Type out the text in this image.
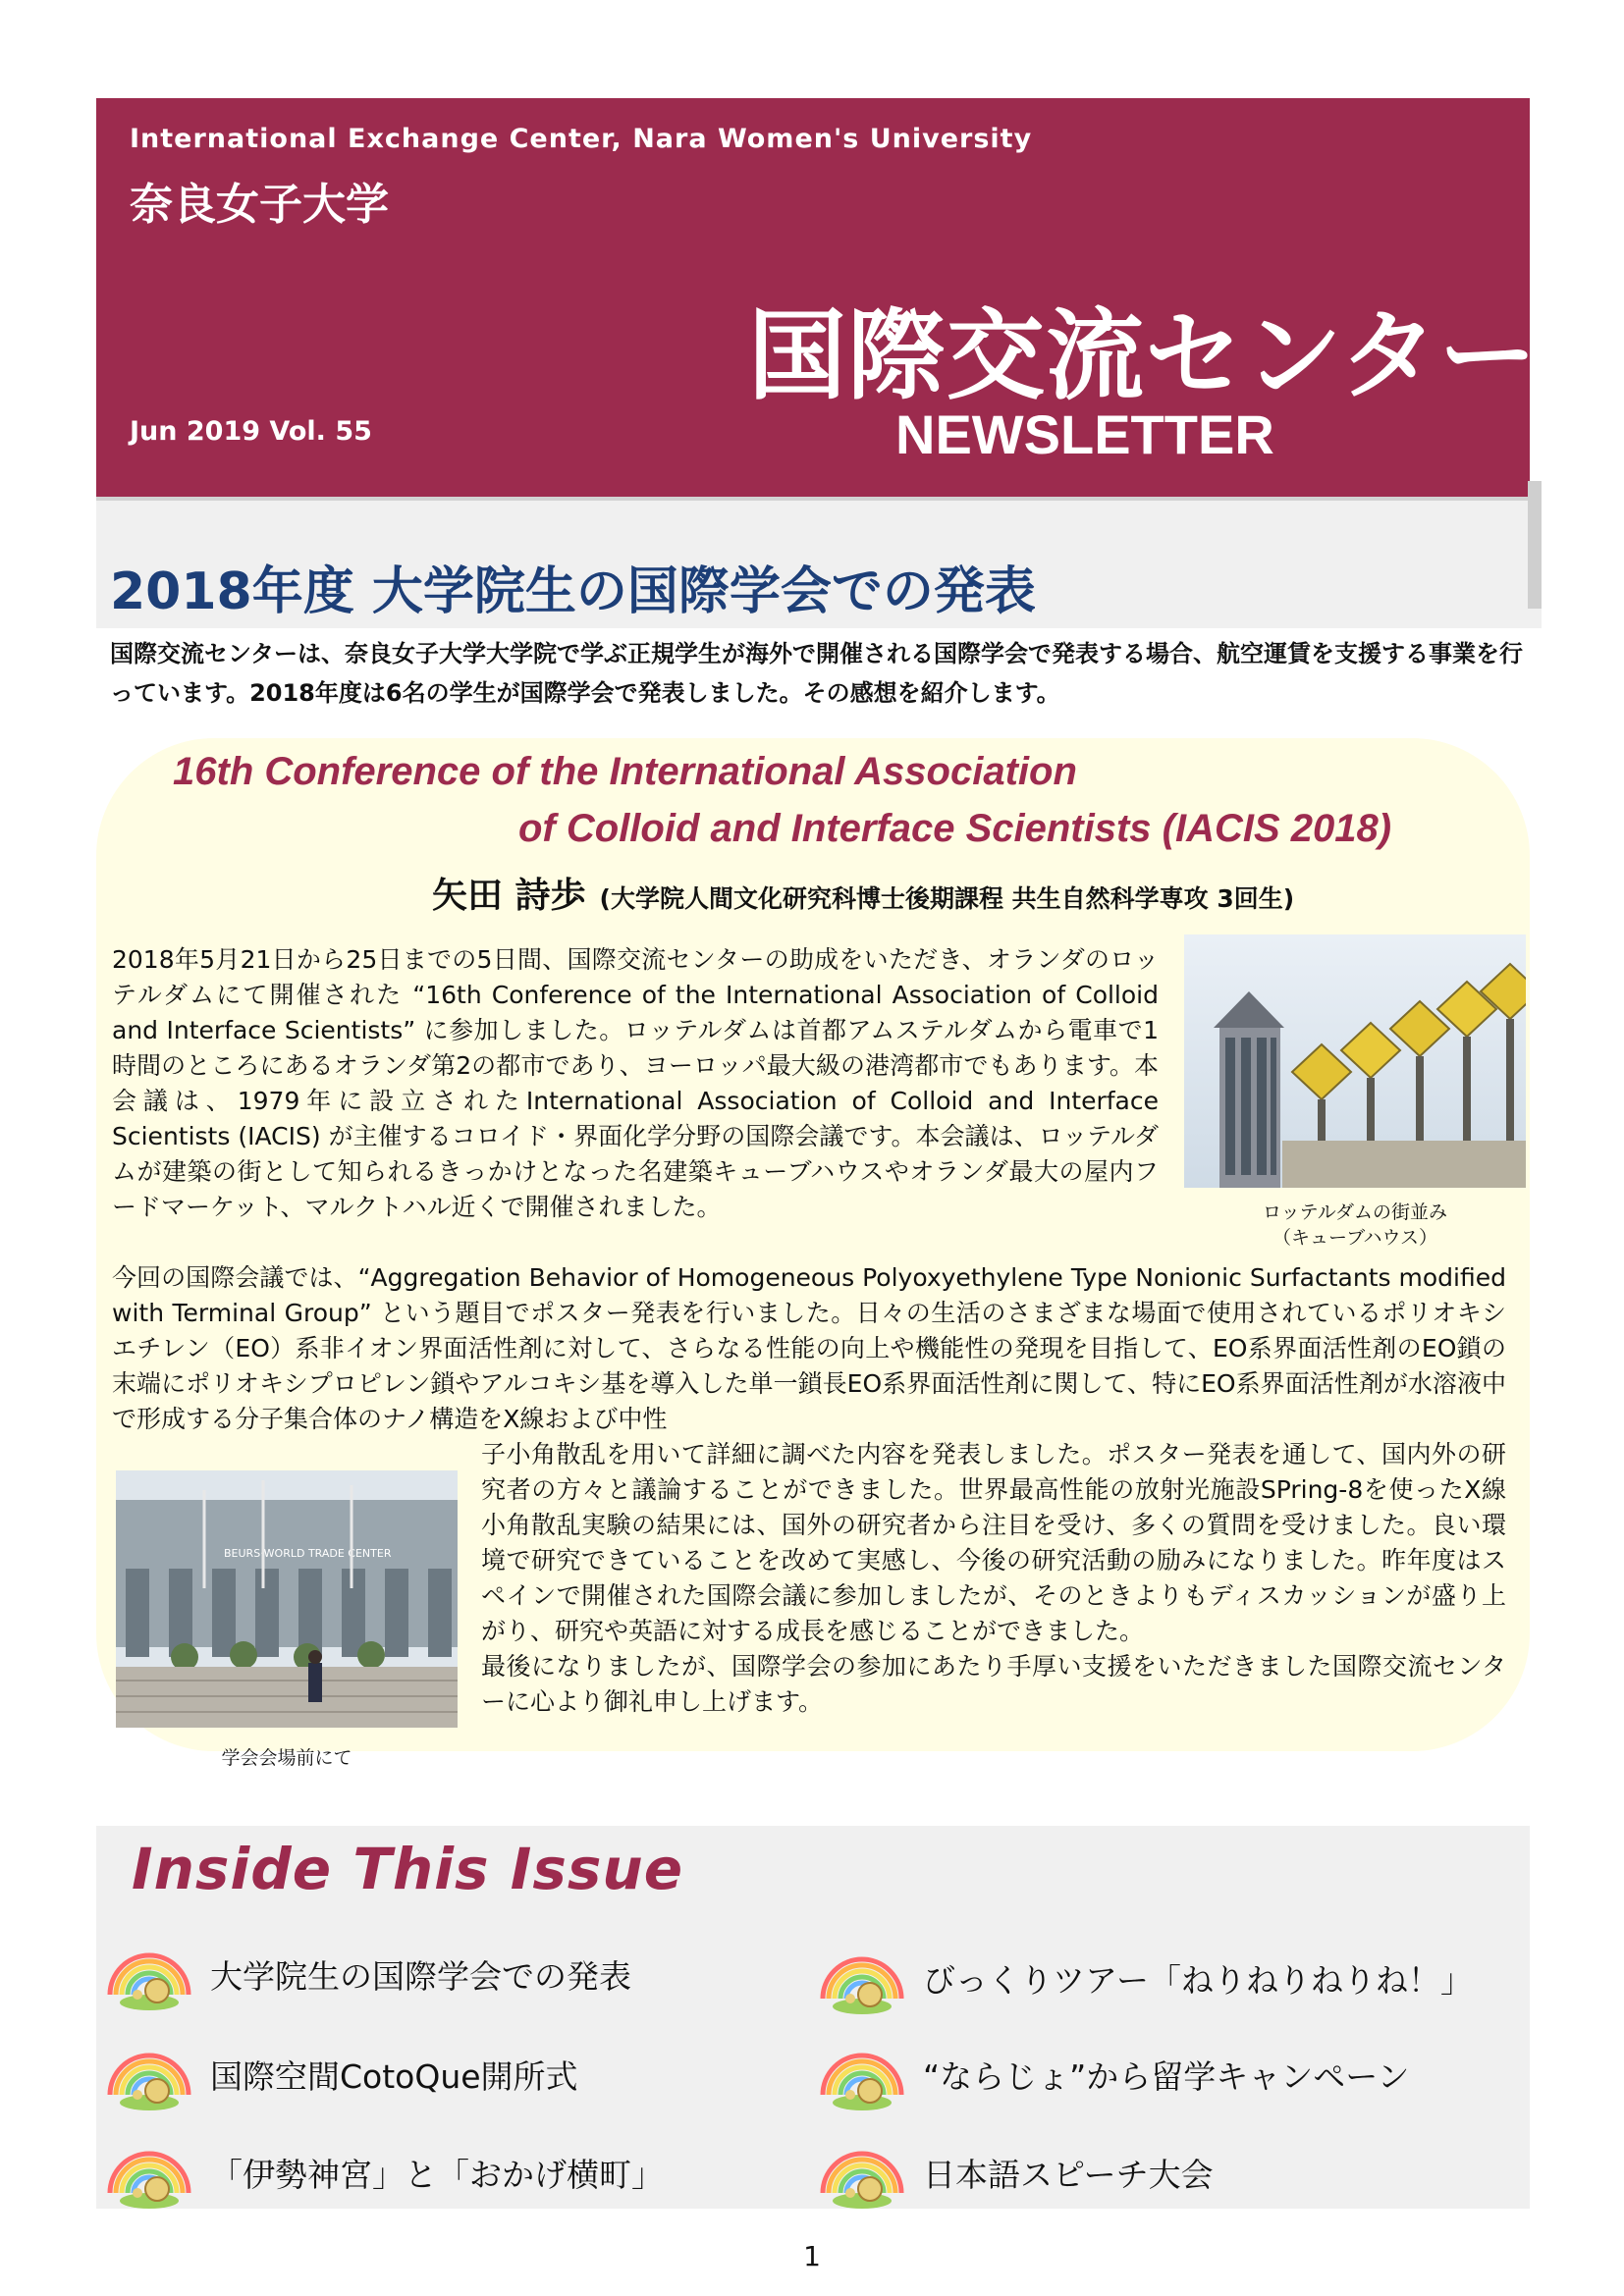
International Exchange Center, Nara Women's University
奈良女子大学
国際交流センター
NEWSLETTER
Jun 2019 Vol. 55
2018年度 大学院生の国際学会での発表
国際交流センターは、奈良女子大学大学院で学ぶ正規学生が海外で開催される国際学会で発表する場合、航空運賃を支援する事業を行っています。2018年度は6名の学生が国際学会で発表しました。その感想を紹介します。
16th Conference of the International Association
of Colloid and Interface Scientists (IACIS 2018)
矢田 詩歩 (大学院人間文化研究科博士後期課程 共生自然科学専攻 3回生)

2018年5月21日から25日までの5日間、国際交流センターの助成をいただき、オランダのロッテルダムにて開催された “16th Conference of the International Association of Colloid and Interface Scientists” に参加しました。ロッテルダムは首都アムステルダムから電車で1時間のところにあるオランダ第2の都市であり、ヨーロッパ最大級の港湾都市でもあります。本会議は、1979年に設立されたInternational Association of Colloid and Interface Scientists (IACIS) が主催するコロイド・界面化学分野の国際会議です。本会議は、ロッテルダムが建築の街として知られるきっかけとなった名建築キューブハウスやオランダ最大の屋内フードマーケット、マルクトハル近くで開催されました。

今回の国際会議では、“Aggregation Behavior of Homogeneous Polyoxyethylene Type Nonionic Surfactants modified with Terminal Group” という題目でポスター発表を行いました。日々の生活のさまざまな場面で使用されているポリオキシエチレン（EO）系非イオン界面活性剤に対して、さらなる性能の向上や機能性の発現を目指して、EO系界面活性剤のEO鎖の末端にポリオキシプロピレン鎖やアルコキシ基を導入した単一鎖長EO系界面活性剤に関して、特にEO系界面活性剤が水溶液中で形成する分子集合体のナノ構造をX線および中性

子小角散乱を用いて詳細に調べた内容を発表しました。ポスター発表を通して、国内外の研究者の方々と議論することができました。世界最高性能の放射光施設SPring-8を使ったX線小角散乱実験の結果には、国外の研究者から注目を受け、多くの質問を受けました。良い環境で研究できていることを改めて実感し、今後の研究活動の励みになりました。昨年度はスペインで開催された国際会議に参加しましたが、そのときよりもディスカッションが盛り上がり、研究や英語に対する成長を感じることができました。

最後になりましたが、国際学会の参加にあたり手厚い支援をいただきました国際交流センターに心より御礼申し上げます。

ロッテルダムの街並み
（キューブハウス）
BEURS·WORLD TRADE CENTER
学会会場前にて
Inside This Issue
大学院生の国際学会での発表
国際空間CotoQue開所式
「伊勢神宮」と「おかげ横町」
びっくりツアー「ねりねりねりね！」
“ならじょ”から留学キャンペーン
日本語スピーチ大会
1
